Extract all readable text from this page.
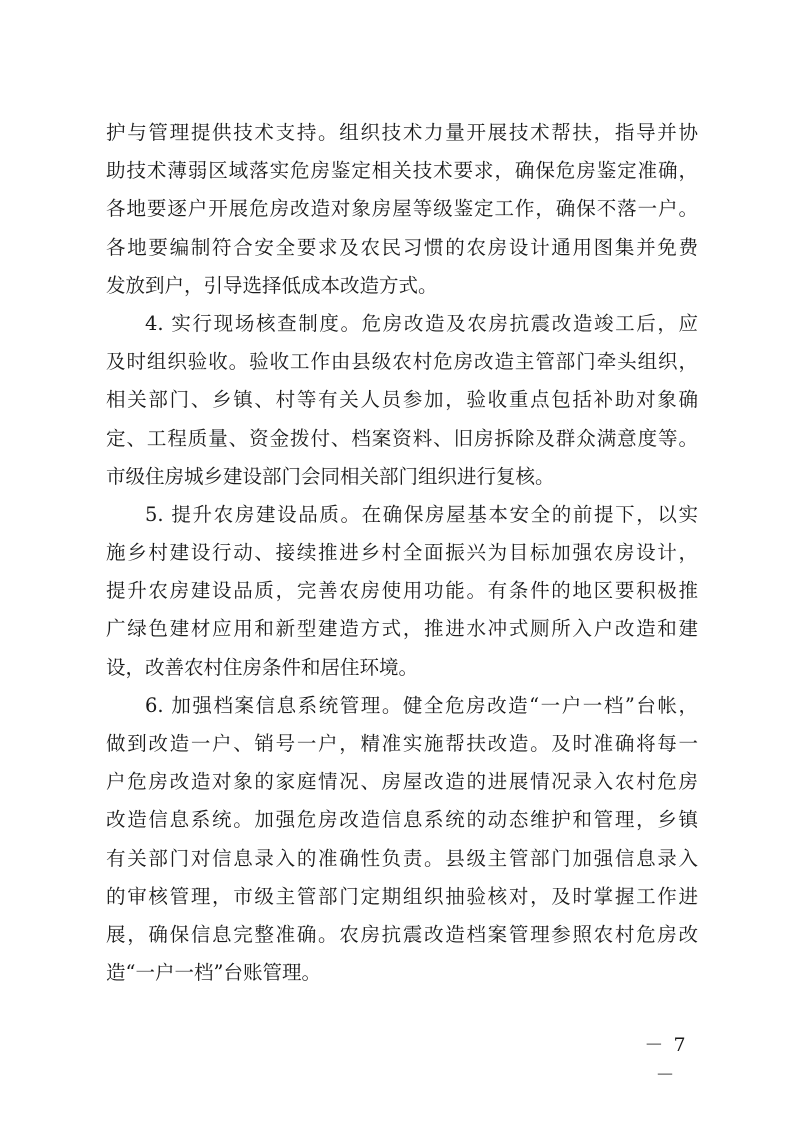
护与管理提供技术支持。组织技术力量开展技术帮扶，指导并协
助技术薄弱区域落实危房鉴定相关技术要求，确保危房鉴定准确，
各地要逐户开展危房改造对象房屋等级鉴定工作，确保不落一户。
各地要编制符合安全要求及农民习惯的农房设计通用图集并免费
发放到户，引导选择低成本改造方式。
4. 实行现场核查制度。危房改造及农房抗震改造竣工后，应
及时组织验收。验收工作由县级农村危房改造主管部门牵头组织，
相关部门、乡镇、村等有关人员参加，验收重点包括补助对象确
定、工程质量、资金拨付、档案资料、旧房拆除及群众满意度等。
市级住房城乡建设部门会同相关部门组织进行复核。
5. 提升农房建设品质。在确保房屋基本安全的前提下，以实
施乡村建设行动、接续推进乡村全面振兴为目标加强农房设计，
提升农房建设品质，完善农房使用功能。有条件的地区要积极推
广绿色建材应用和新型建造方式，推进水冲式厕所入户改造和建
设，改善农村住房条件和居住环境。
6. 加强档案信息系统管理。健全危房改造“一户一档”台帐，
做到改造一户、销号一户，精准实施帮扶改造。及时准确将每一
户危房改造对象的家庭情况、房屋改造的进展情况录入农村危房
改造信息系统。加强危房改造信息系统的动态维护和管理，乡镇
有关部门对信息录入的准确性负责。县级主管部门加强信息录入
的审核管理，市级主管部门定期组织抽验核对，及时掌握工作进
展，确保信息完整准确。农房抗震改造档案管理参照农村危房改
造“一户一档”台账管理。
－ 7 －
